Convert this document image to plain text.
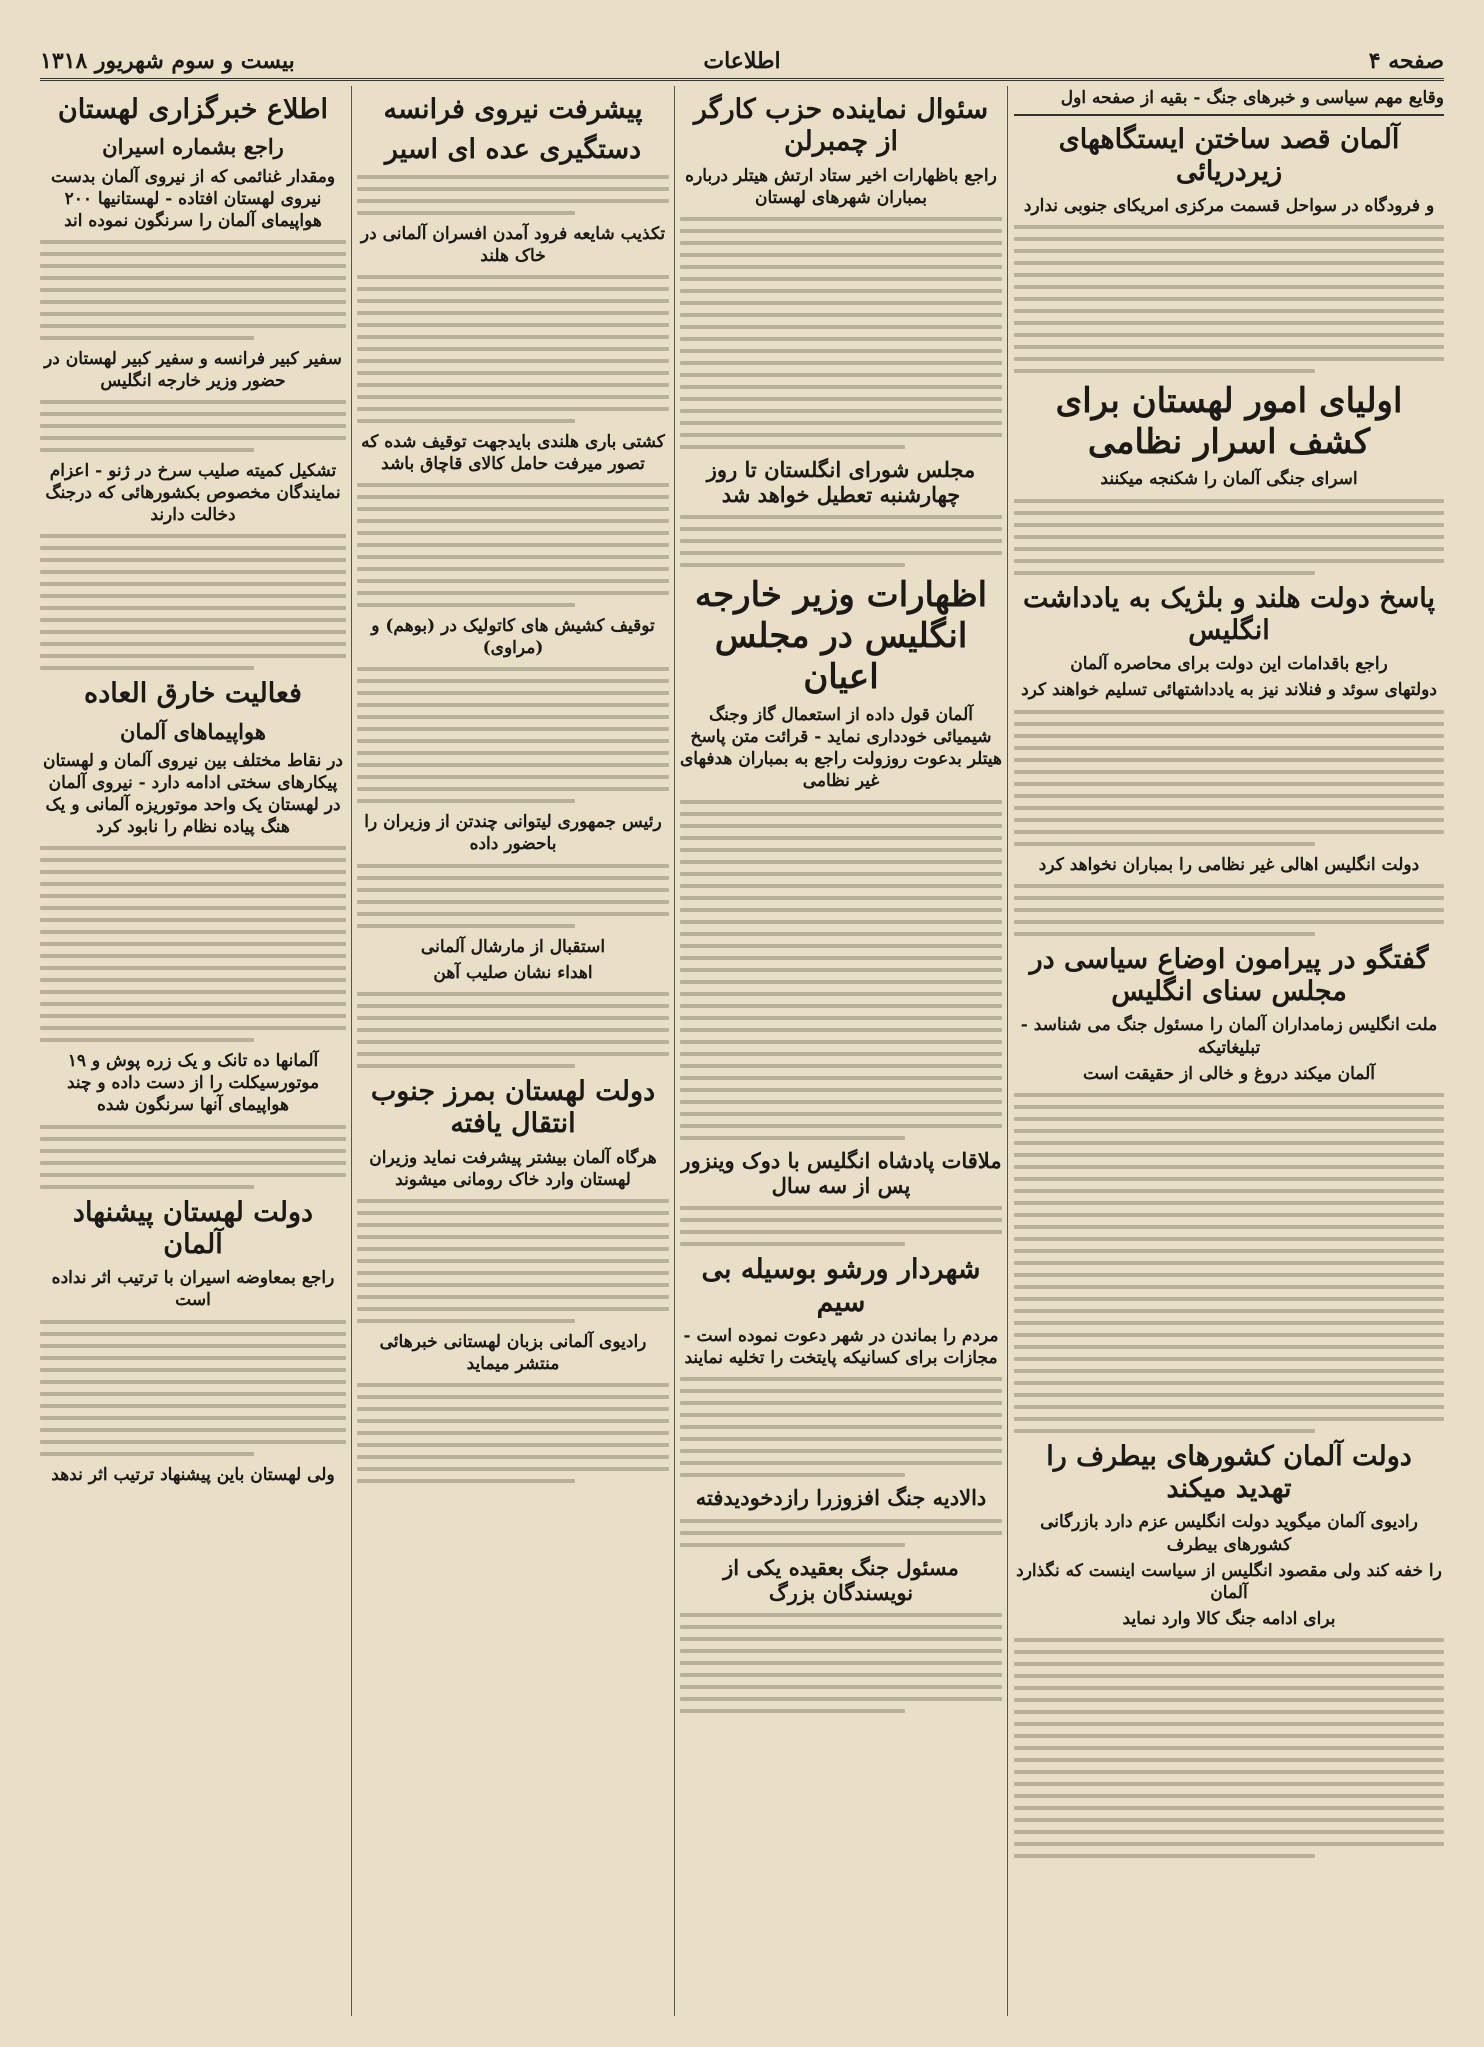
صفحه ۴
اطلاعات
بیست و سوم شهریور ۱۳۱۸
وقایع مهم سیاسی و خبرهای جنگ - بقیه از صفحه اول
آلمان قصد ساختن ایستگاههای زیردریائی
و فرودگاه در سواحل قسمت مرکزی امریکای جنوبی ندارد
اولیای امور لهستان برای کشف اسرار نظامی
اسرای جنگی آلمان را شکنجه میکنند
پاسخ دولت هلند و بلژیک به یادداشت انگلیس
راجع باقدامات این دولت برای محاصره آلمان
دولتهای سوئد و فنلاند نیز به یادداشتهائی تسلیم خواهند کرد
دولت انگلیس اهالی غیر نظامی را بمباران نخواهد کرد
گفتگو در پیرامون اوضاع سیاسی در مجلس سنای انگلیس
ملت انگلیس زمامداران آلمان را مسئول جنگ می شناسد - تبلیغاتیکه
آلمان میکند دروغ و خالی از حقیقت است
دولت آلمان کشورهای بیطرف را تهدید میکند
رادیوی آلمان میگوید دولت انگلیس عزم دارد بازرگانی کشورهای بیطرف
را خفه کند ولی مقصود انگلیس از سیاست اینست که نگذارد آلمان
برای ادامه جنگ کالا وارد نماید
سئوال نماینده حزب کارگر از چمبرلن
راجع باظهارات اخیر ستاد ارتش هیتلر درباره بمباران شهرهای لهستان
مجلس شورای انگلستان تا روز چهارشنبه تعطیل خواهد شد
اظهارات وزیر خارجه انگلیس در مجلس اعیان
آلمان قول داده از استعمال گاز وجنگ شیمیائی خودداری نماید - قرائت متن پاسخ هیتلر بدعوت روزولت راجع به بمباران هدفهای غیر نظامی
ملاقات پادشاه انگلیس با دوک وینزور پس از سه سال
شهردار ورشو بوسیله بی سیم
مردم را بماندن در شهر دعوت نموده است - مجازات برای کسانیکه پایتخت را تخلیه نمایند
دالادیه جنگ افزوزرا رازدخودیدفته
مسئول جنگ بعقیده یکی از نویسندگان بزرگ
پیشرفت نیروی فرانسه
دستگیری عده ای اسیر
تکذیب شایعه فرود آمدن افسران آلمانی در خاک هلند
کشتی باری هلندی بایدجهت توقیف شده که تصور میرفت حامل کالای قاچاق باشد
توقیف کشیش های کاتولیک در (بوهم) و (مراوی)
رئیس جمهوری لیتوانی چندتن از وزیران را باحضور داده
استقبال از مارشال آلمانی
اهداء نشان صلیب آهن
دولت لهستان بمرز جنوب انتقال یافته
هرگاه آلمان بیشتر پیشرفت نماید وزیران لهستان وارد خاک رومانی میشوند
رادیوی آلمانی بزبان لهستانی خبرهائی منتشر میماید
اطلاع خبرگزاری لهستان
راجع بشماره اسیران
ومقدار غنائمی که از نیروی آلمان بدست نیروی لهستان افتاده - لهستانیها ۲۰۰ هواپیمای آلمان را سرنگون نموده اند
سفیر کبیر فرانسه و سفیر کبیر لهستان در حضور وزیر خارجه انگلیس
تشکیل کمیته صلیب سرخ در ژنو - اعزام نمایندگان مخصوص بکشورهائی که درجنگ دخالت دارند
فعالیت خارق العاده
هواپیماهای آلمان
در نقاط مختلف بین نیروی آلمان و لهستان پیکارهای سختی ادامه دارد - نیروی آلمان در لهستان یک واحد موتوریزه آلمانی و یک هنگ پیاده نظام را نابود کرد
آلمانها ده تانک و یک زره پوش و ۱۹ موتورسیکلت را از دست داده و چند هواپیمای آنها سرنگون شده
دولت لهستان پیشنهاد آلمان
راجع بمعاوضه اسیران با ترتیب اثر نداده است
ولی لهستان باین پیشنهاد ترتیب اثر ندهد
